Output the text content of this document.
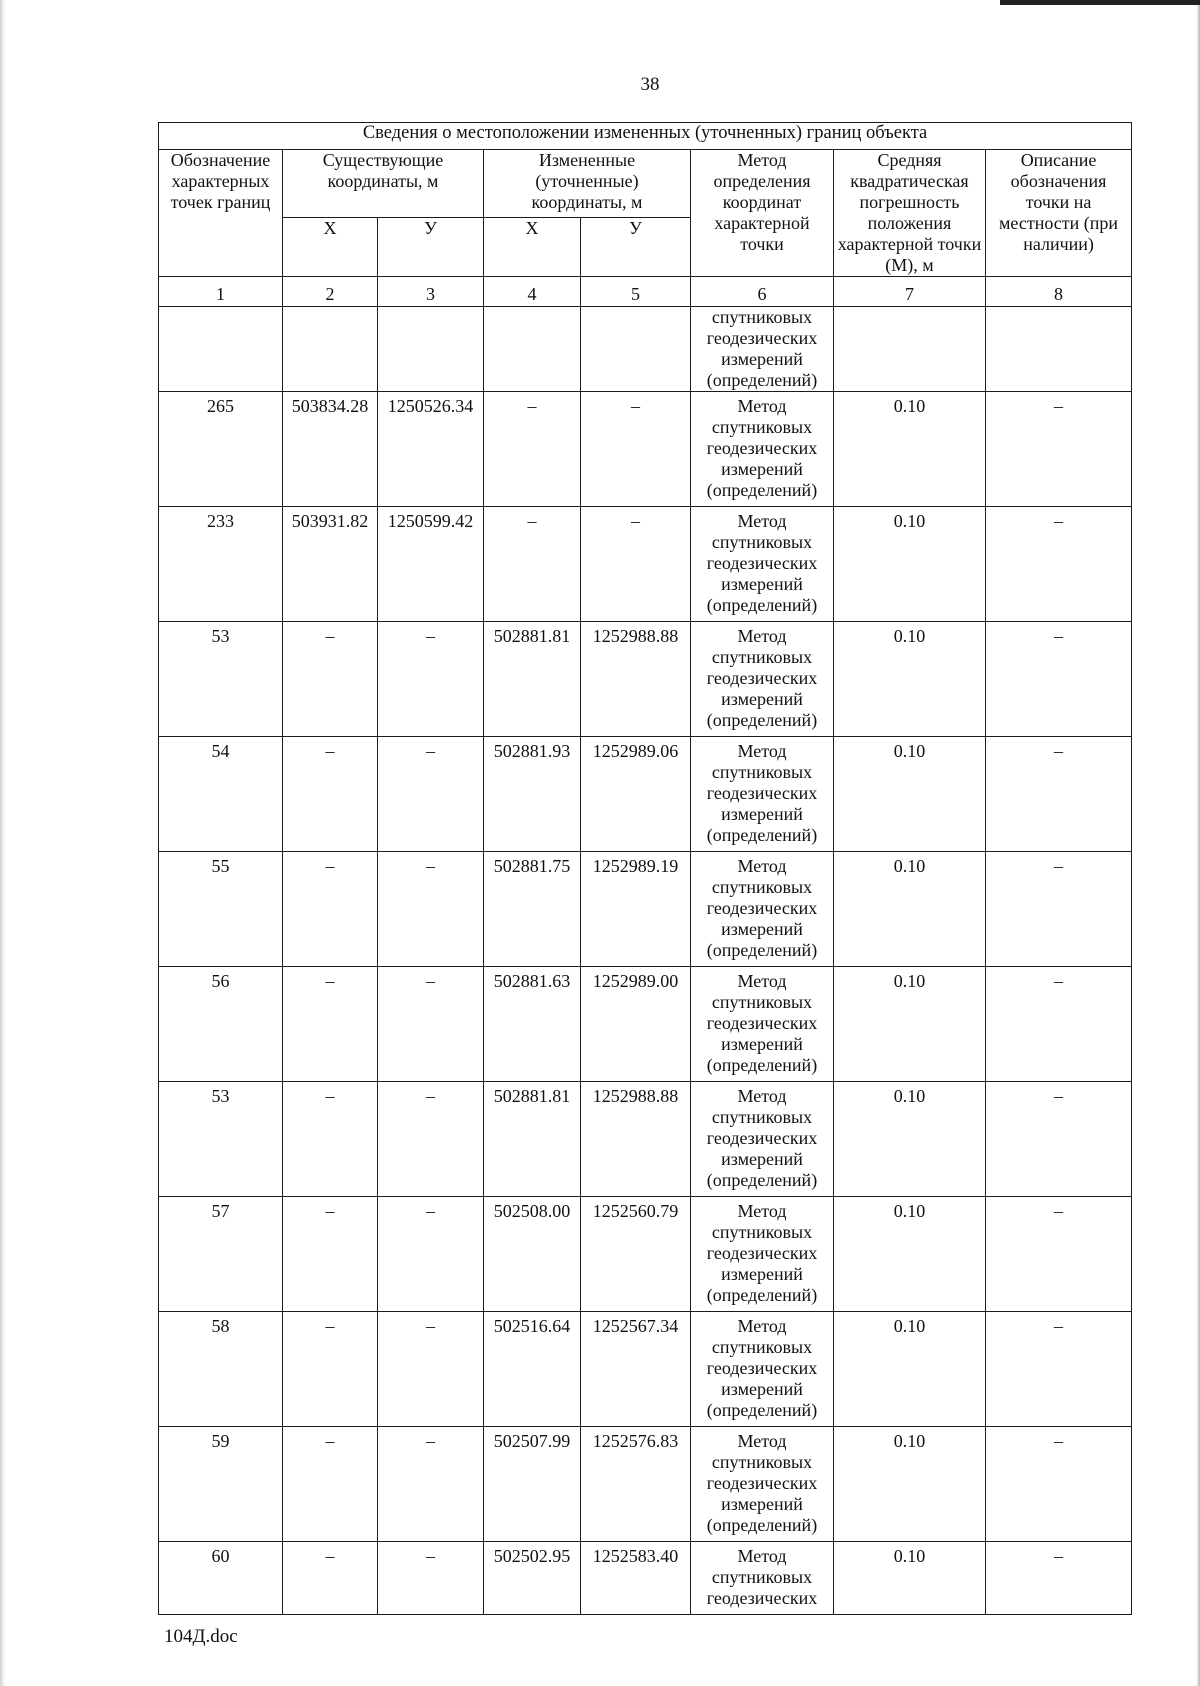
38
Сведения о местоположении измененных (уточненных) границ объекта							
Обозначение характерных точек границ	Существующие координаты, м		Измененные (уточненные) координаты, м		Метод определения координат характерной точки	Средняя квадратическая погрешность положения характерной точки (М), м	Описание обозначения точки на местности (при наличии)
	X	У	X	У			
1	2	3	4	5	6	7	8
					спутниковых
геодезических
измерений
(определений)		
265	503834.28	1250526.34	–	–	Метод
спутниковых
геодезических
измерений
(определений)	0.10	–
233	503931.82	1250599.42	–	–	Метод
спутниковых
геодезических
измерений
(определений)	0.10	–
53	–	–	502881.81	1252988.88	Метод
спутниковых
геодезических
измерений
(определений)	0.10	–
54	–	–	502881.93	1252989.06	Метод
спутниковых
геодезических
измерений
(определений)	0.10	–
55	–	–	502881.75	1252989.19	Метод
спутниковых
геодезических
измерений
(определений)	0.10	–
56	–	–	502881.63	1252989.00	Метод
спутниковых
геодезических
измерений
(определений)	0.10	–
53	–	–	502881.81	1252988.88	Метод
спутниковых
геодезических
измерений
(определений)	0.10	–
57	–	–	502508.00	1252560.79	Метод
спутниковых
геодезических
измерений
(определений)	0.10	–
58	–	–	502516.64	1252567.34	Метод
спутниковых
геодезических
измерений
(определений)	0.10	–
59	–	–	502507.99	1252576.83	Метод
спутниковых
геодезических
измерений
(определений)	0.10	–
60	–	–	502502.95	1252583.40	Метод
спутниковых
геодезических	0.10	–
104Д.doc
